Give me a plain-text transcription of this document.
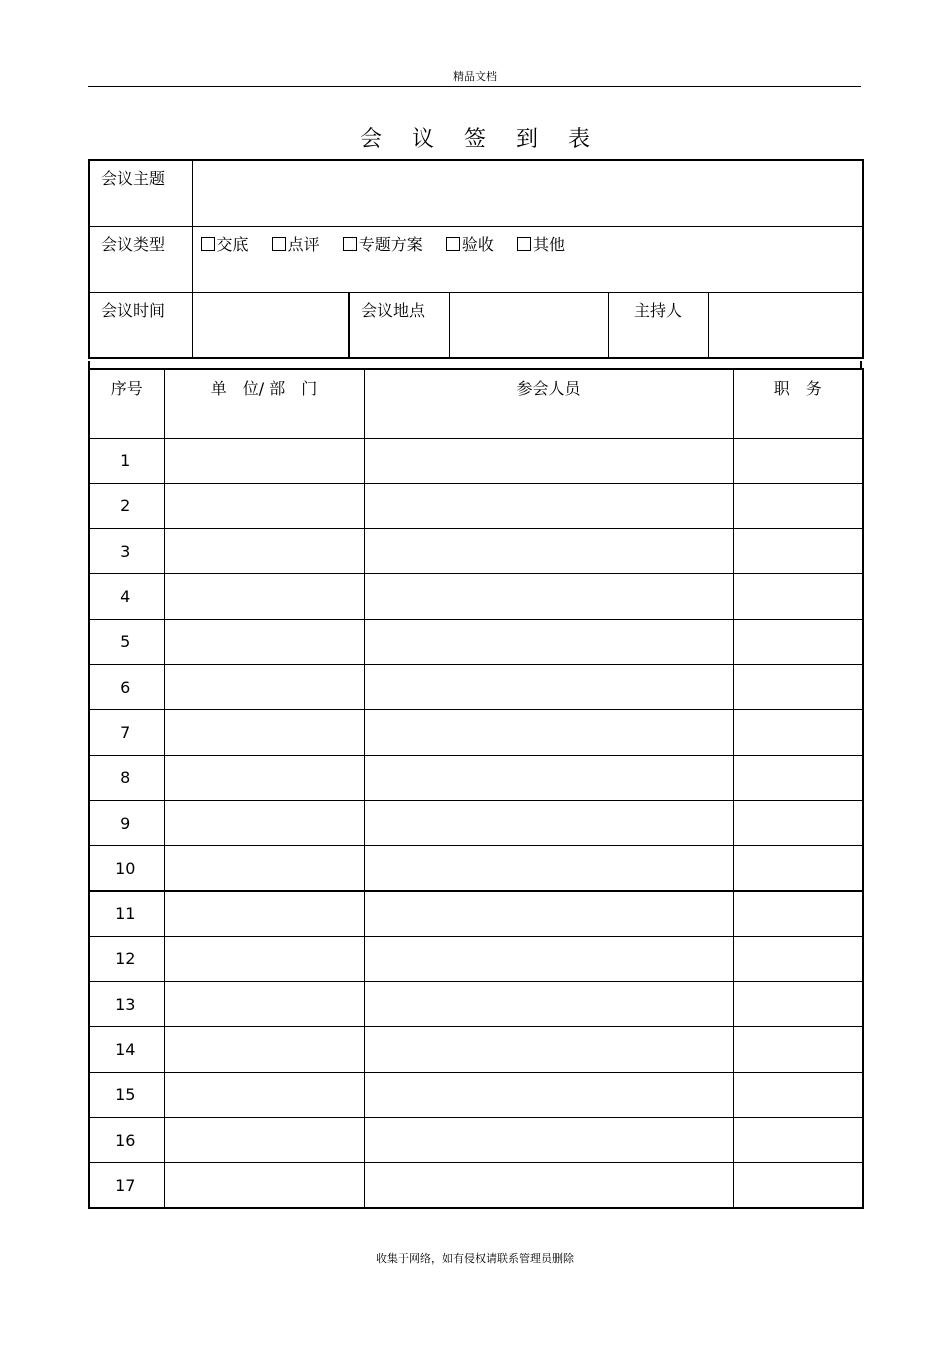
精品文档
会议签到表
会议主题					
会议类型	交底 点评 专题方案 验收 其他				
会议时间		会议地点		主持人	
序号	单　位/ 部　门	参会人员	职　务
1			
2			
3			
4			
5			
6			
7			
8			
9			
10			
11			
12			
13			
14			
15			
16			
17			
收集于网络，如有侵权请联系管理员删除
